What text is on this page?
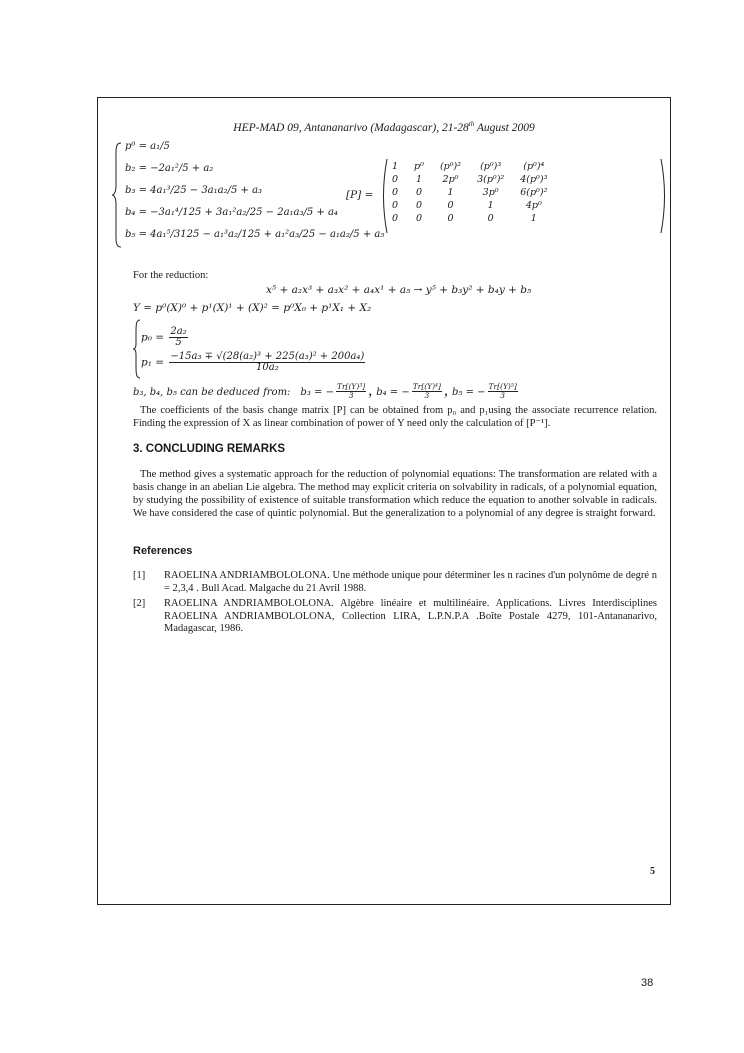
HEP-MAD 09, Antananarivo (Madagascar), 21-28th August 2009
p⁰ = a₁/5
b₂ = −2a₁²/5 + a₂
b₃ = 4a₁³/25 − 3a₁a₂/5 + a₃
b₄ = −3a₁⁴/125 + 3a₁²a₂/25 − 2a₁a₃/5 + a₄
b₅ = 4a₁⁵/3125 − a₁³a₂/125 + a₁²a₃/25 − a₁a₂/5 + a₅
[P] =
1	p⁰	(p⁰)²	(p⁰)³	(p⁰)⁴
0	1	2p⁰	3(p⁰)²	4(p⁰)³
0	0	1	3p⁰	6(p⁰)²
0	0	0	1	4p⁰
0	0	0	0	1
For the reduction:
x⁵ + a₂x³ + a₃x² + a₄x¹ + a₅ → y⁵ + b₃y² + b₄y + b₅
Y = p⁰(X)⁰ + p¹(X)¹ + (X)² = p⁰X₀ + p¹X₁ + X₂
$p_0 = \frac{\text{2a₂}}{5}$
$p_1 = \frac{\text{−15a₃ ∓ √(28(a₂)³ + 225(a₃)² + 200a₄)}}{\text{10a₂}}$
b₃, b₄, b₅ can be deduced from: b₃ = − $\frac{\text{Tr[(Y)³]}}{3}$ , b₄ = − $\frac{\text{Tr[(Y)⁴]}}{3}$ , b₅ = − $\frac{\text{Tr[(Y)⁵]}}{3}$
The coefficients of the basis change matrix [P] can be obtained from p₀ and p₁using the associate recurrence relation. Finding the expression of X as linear combination of power of Y need only the calculation of [P⁻¹].
3. CONCLUDING REMARKS
The method gives a systematic approach for the reduction of polynomial equations: The transformation are related with a basis change in an abelian Lie algebra. The method may explicit criteria on solvability in radicals, of a polynomial equation, by studying the possibility of existence of suitable transformation which reduce the equation to another solvable in radicals. We have considered the case of quintic polynomial. But the generalization to a polynomial of any degree is straight forward.
References
[1] RAOELINA ANDRIAMBOLOLONA. Une méthode unique pour déterminer les n racines d'un polynôme de degré n = 2,3,4 . Bull Acad. Malgache du 21 Avril 1988.
[2] RAOELINA ANDRIAMBOLOLONA. Algèbre linéaire et multilinéaire. Applications. Livres Interdisciplines RAOELINA ANDRIAMBOLOLONA, Collection LIRA, L.P.N.P.A .Boîte Postale 4279, 101-Antananarivo, Madagascar, 1986.
5
38
